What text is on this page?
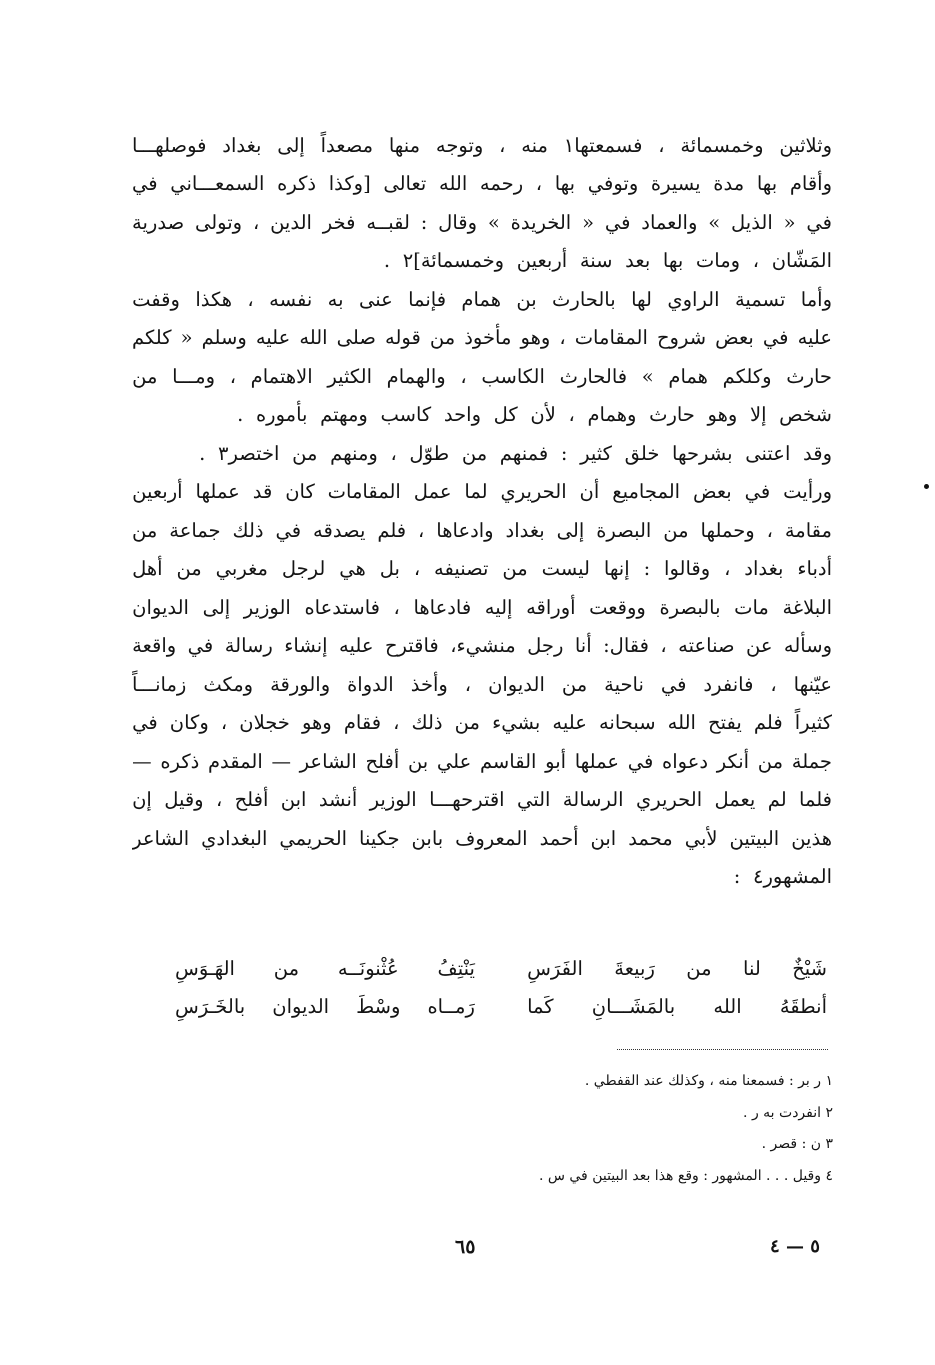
وثلاثين
وخمسمائة
،
فسمعتها١
منه
،
وتوجه
منها
مصعداً
إلى
بغداد
فوصلهـــا
وأقام
بها
مدة
يسيرة
وتوفي
بها
،
رحمه
الله
تعالى
[وكذا
ذكره
السمعـــاني
في
في
«
الذيل
»
والعماد
في
«
الخريدة
»
وقال
:
لقبــه
فخر
الدين
،
وتولى
صدرية
المَشّان
،
ومات
بها
بعد
سنة
أربعين
وخمسمائة]٢
.
وأما
تسمية
الراوي
لها
بالحارث
بن
همام
فإنما
عنى
به
نفسه
،
هكذا
وقفت
عليه
في
بعض
شروح
المقامات
،
وهو
مأخوذ
من
قوله
صلى
الله
عليه
وسلم
«
كلكم
حارث
وكلكم
همام
»
فالحارث
الكاسب
،
والهمام
الكثير
الاهتمام
،
ومـــا
من
شخص
إلا
وهو
حارث
وهمام
،
لأن
كل
واحد
كاسب
ومهتم
بأموره
.
وقد
اعتنى
بشرحها
خلق
كثير
:
فمنهم
من
طوّل
،
ومنهم
من
اختصر٣
.
ورأيت
في
بعض
المجاميع
أن
الحريري
لما
عمل
المقامات
كان
قد
عملها
أربعين
مقامة
،
وحملها
من
البصرة
إلى
بغداد
وادعاها
،
فلم
يصدقه
في
ذلك
جماعة
من
أدباء
بغداد
،
وقالوا
:
إنها
ليست
من
تصنيفه
،
بل
هي
لرجل
مغربي
من
أهل
البلاغة
مات
بالبصرة
ووقعت
أوراقه
إليه
فادعاها
،
فاستدعاه
الوزير
إلى
الديوان
وسأله
عن
صناعته
،
فقال:
أنا
رجل
منشيء،
فاقترح
عليه
إنشاء
رسالة
في
واقعة
عيّنها
،
فانفرد
في
ناحية
من
الديوان
،
وأخذ
الدواة
والورقة
ومكث
زمانـــاً
كثيراً
فلم
يفتح
الله
سبحانه
عليه
بشيء
من
ذلك
،
فقام
وهو
خجلان
،
وكان
في
جملة
من
أنكر
دعواه
في
عملها
أبو
القاسم
علي
بن
أفلح
الشاعر
—
المقدم
ذكره
—
فلما
لم
يعمل
الحريري
الرسالة
التي
اقترحهـــا
الوزير
أنشد
ابن
أفلح
،
وقيل
إن
هذين
البيتين
لأبي
محمد
ابن
أحمد
المعروف
بابن
جكينا
الحريمي
البغدادي
الشاعر
المشهور٤
:
شَيْخٌ
لنا
من
رَبيعةَ
الفَرَسِ
يَنْتِفُ
عُثْنونَــه
من
الهَـوَسِ
أنطقَهُ
الله
بالمَشَـــانِ
كَما
رَمــاه
وسْطَ
الديوان
بالخَـرَسِ
١ ر بر : فسمعنا منه ، وكذلك عند القفطي .
٢ انفردت به ر .
٣ ن : قصر .
٤ وقيل . . . المشهور : وقع هذا بعد البيتين في س .
٦٥	٥ — ٤
